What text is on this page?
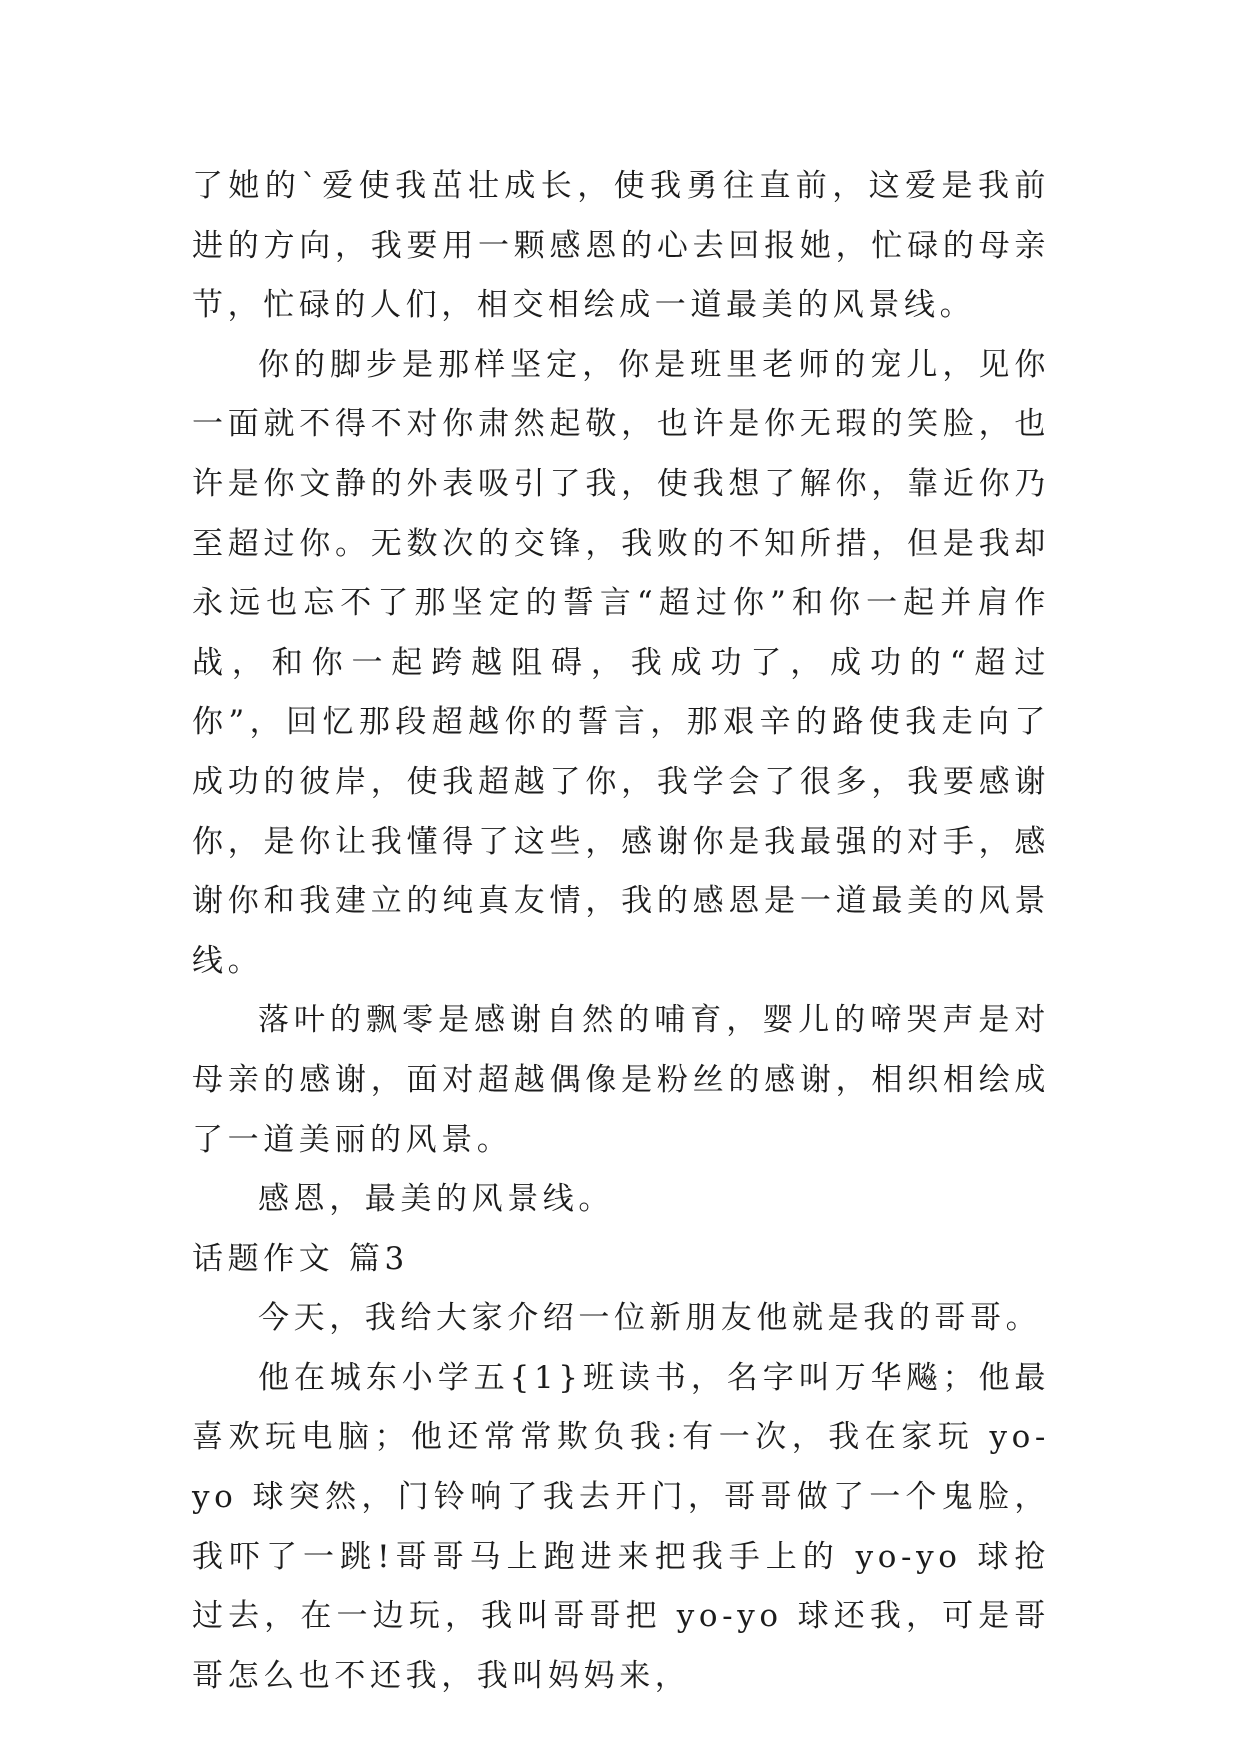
了她的`爱使我茁壮成长，使我勇往直前，这爱是我前进的方向，我要用一颗感恩的心去回报她，忙碌的母亲节，忙碌的人们，相交相绘成一道最美的风景线。

你的脚步是那样坚定，你是班里老师的宠儿，见你一面就不得不对你肃然起敬，也许是你无瑕的笑脸，也许是你文静的外表吸引了我，使我想了解你，靠近你乃至超过你。无数次的交锋，我败的不知所措，但是我却永远也忘不了那坚定的誓言“超过你”和你一起并肩作战，和你一起跨越阻碍，我成功了，成功的“超过你”，回忆那段超越你的誓言，那艰辛的路使我走向了成功的彼岸，使我超越了你，我学会了很多，我要感谢你，是你让我懂得了这些，感谢你是我最强的对手，感谢你和我建立的纯真友情，我的感恩是一道最美的风景线。

落叶的飘零是感谢自然的哺育，婴儿的啼哭声是对母亲的感谢，面对超越偶像是粉丝的感谢，相织相绘成了一道美丽的风景。

感恩，最美的风景线。

话题作文 篇3

今天，我给大家介绍一位新朋友他就是我的哥哥。

他在城东小学五{1}班读书，名字叫万华飚；他最喜欢玩电脑；他还常常欺负我:有一次，我在家玩 yo-yo 球突然，门铃响了我去开门，哥哥做了一个鬼脸，我吓了一跳!哥哥马上跑进来把我手上的 yo-yo 球抢过去，在一边玩，我叫哥哥把 yo-yo 球还我，可是哥哥怎么也不还我，我叫妈妈来，
